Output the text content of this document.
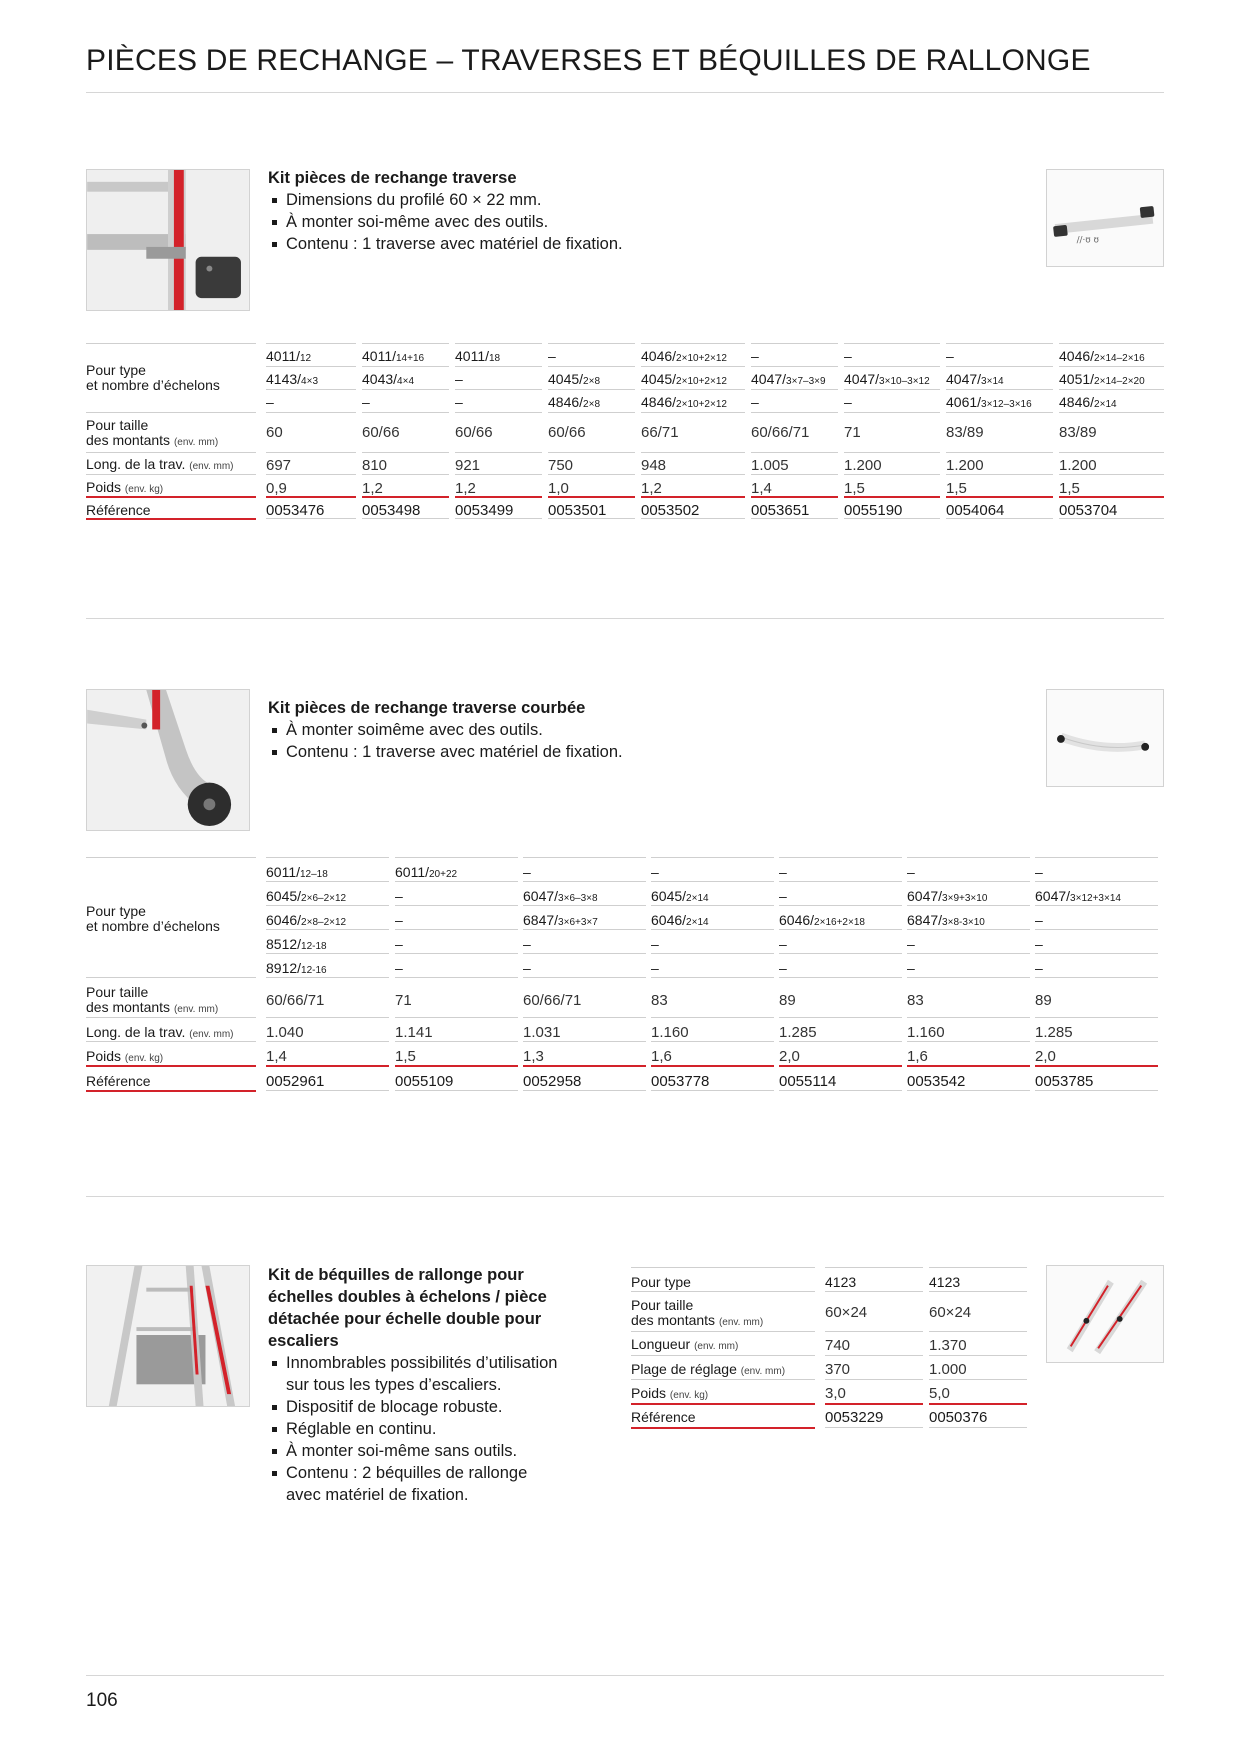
PIÈCES DE RECHANGE – TRAVERSES ET BÉQUILLES DE RALLONGE
Kit pièces de rechange traverse
Dimensions du profilé 60 × 22 mm.
À monter soi-même avec des outils.
Contenu : 1 traverse avec matériel de fixation.	//·ʊ ʊ
Pour type
et nombre d’échelons
Pour taille
des montants (env. mm)
Long. de la trav. (env. mm)
Poids (env. kg)
Référence
4011/12
4143/4×3
–
60
697
0,9
0053476
4011/14+16
4043/4×4
–
60/66
810
1,2
0053498
4011/18
–
–
60/66
921
1,2
0053499
–
4045/2×8
4846/2×8
60/66
750
1,0
0053501
4046/2×10+2×12
4045/2×10+2×12
4846/2×10+2×12
66/71
948
1,2
0053502
–
4047/3×7–3×9
–
60/66/71
1.005
1,4
0053651
–
4047/3×10–3×12
–
71
1.200
1,5
0055190
–
4047/3×14
4061/3×12–3×16
83/89
1.200
1,5
0054064
4046/2×14–2×16
4051/2×14–2×20
4846/2×14
83/89
1.200
1,5
0053704
Kit pièces de rechange traverse courbée
À monter soimême avec des outils.
Contenu : 1 traverse avec matériel de fixation.
Pour type
et nombre d’échelons
Pour taille
des montants (env. mm)
Long. de la trav. (env. mm)
Poids (env. kg)
Référence
6011/12–18
6045/2×6–2×12
6046/2×8–2×12
8512/12-18
8912/12-16
60/66/71
1.040
1,4
0052961
6011/20+22
–
–
–
–
71
1.141
1,5
0055109
–
6047/3×6–3×8
6847/3×6+3×7
–
–
60/66/71
1.031
1,3
0052958
–
6045/2×14
6046/2×14
–
–
83
1.160
1,6
0053778
–
–
6046/2×16+2×18
–
–
89
1.285
2,0
0055114
–
6047/3×9+3×10
6847/3×8-3×10
–
–
83
1.160
1,6
0053542
–
6047/3×12+3×14
–
–
–
89
1.285
2,0
0053785
Kit de béquilles de rallonge pour
échelles doubles à échelons / pièce
détachée pour échelle double pour
escaliers
Innombrables possibilités d’utilisation
sur tous les types d’escaliers.
Dispositif de blocage robuste.
Réglable en continu.
À monter soi-même sans outils.
Contenu : 2 béquilles de rallonge
avec matériel de fixation.
Pour type
Pour taille
des montants (env. mm)
Longueur (env. mm)
Plage de réglage (env. mm)
Poids (env. kg)
Référence
4123
60×24
740
370
3,0
0053229
4123
60×24
1.370
1.000
5,0
0050376
106
